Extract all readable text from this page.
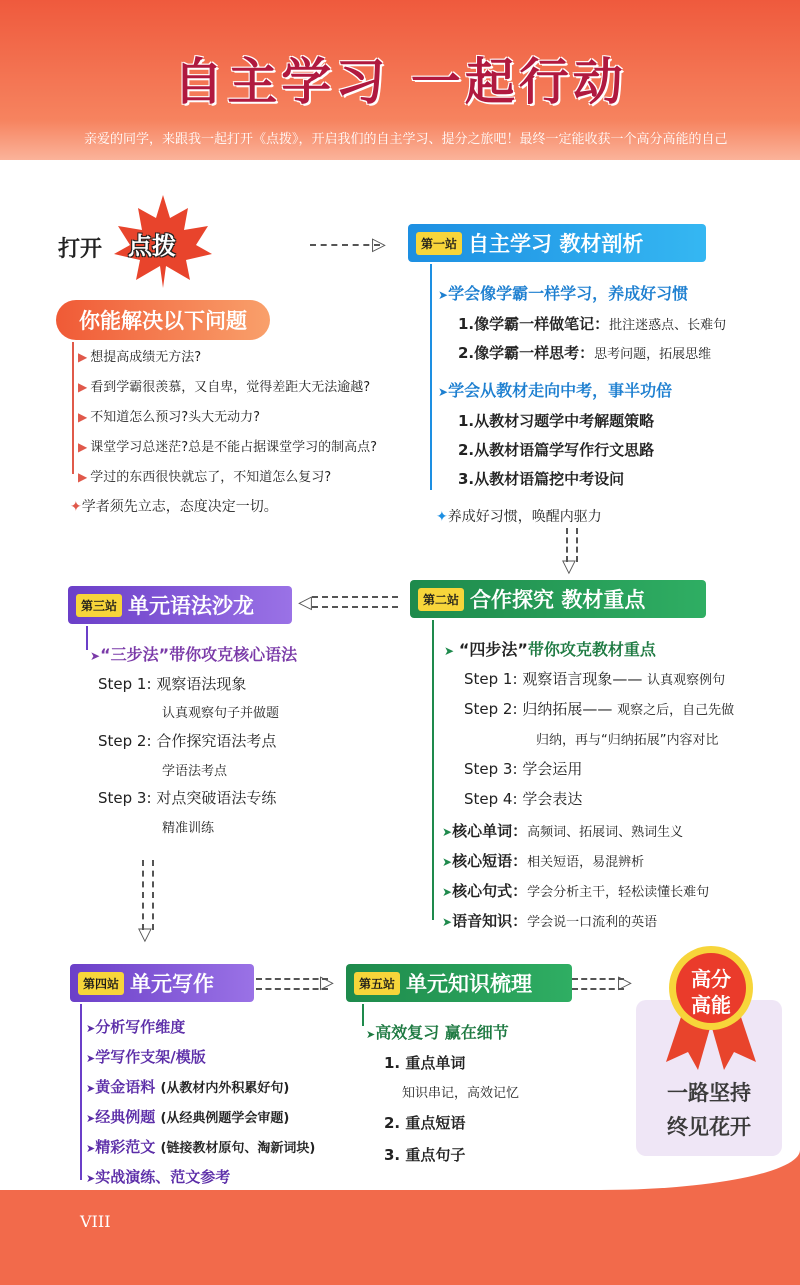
自主学习 一起行动
亲爱的同学，来跟我一起打开《点拨》，开启我们的自主学习、提分之旅吧！最终一定能收获一个高分高能的自己
VIII
打开 点拨
你能解决以下问题
▶ 想提高成绩无方法?
▶ 看到学霸很羡慕，又自卑，觉得差距大无法逾越?
▶ 不知道怎么预习?头大无动力?
▶ 课堂学习总迷茫?总是不能占据课堂学习的制高点?
▶ 学过的东西很快就忘了，不知道怎么复习?
✦学者须先立志，态度决定一切。
▷	第一站 自主学习 教材剖析
➤学会像学霸一样学习，养成好习惯
1.像学霸一样做笔记：批注迷惑点、长难句
2.像学霸一样思考：思考问题，拓展思维
➤学会从教材走向中考，事半功倍
1.从教材习题学中考解题策略
2.从教材语篇学写作行文思路
3.从教材语篇挖中考设问
✦养成好习惯，唤醒内驱力
▽
第二站 合作探究 教材重点
➤ “四步法”带你攻克教材重点
Step 1: 观察语言现象—— 认真观察例句
Step 2: 归纳拓展—— 观察之后，自己先做
归纳，再与“归纳拓展”内容对比
Step 3: 学会运用
Step 4: 学会表达
➤核心单词：高频词、拓展词、熟词生义
➤核心短语：相关短语，易混辨析
➤核心句式：学会分析主干，轻松读懂长难句
➤语音知识：学会说一口流利的英语
◁
第三站 单元语法沙龙
➤“三步法”带你攻克核心语法
Step 1: 观察语法现象
认真观察句子并做题
Step 2: 合作探究语法考点
学语法考点
Step 3: 对点突破语法专练
精准训练
▽
第四站 单元写作
➤分析写作维度
➤学写作支架/模版
➤黄金语料 (从教材内外积累好句)
➤经典例题 (从经典例题学会审题)
➤精彩范文 (链接教材原句、淘新词块)
➤实战演练、范文参考
▷	第五站 单元知识梳理
➤高效复习 赢在细节
1. 重点单词
知识串记，高效记忆
2. 重点短语
3. 重点句子
▷	高分
高能
一路坚持
终见花开
